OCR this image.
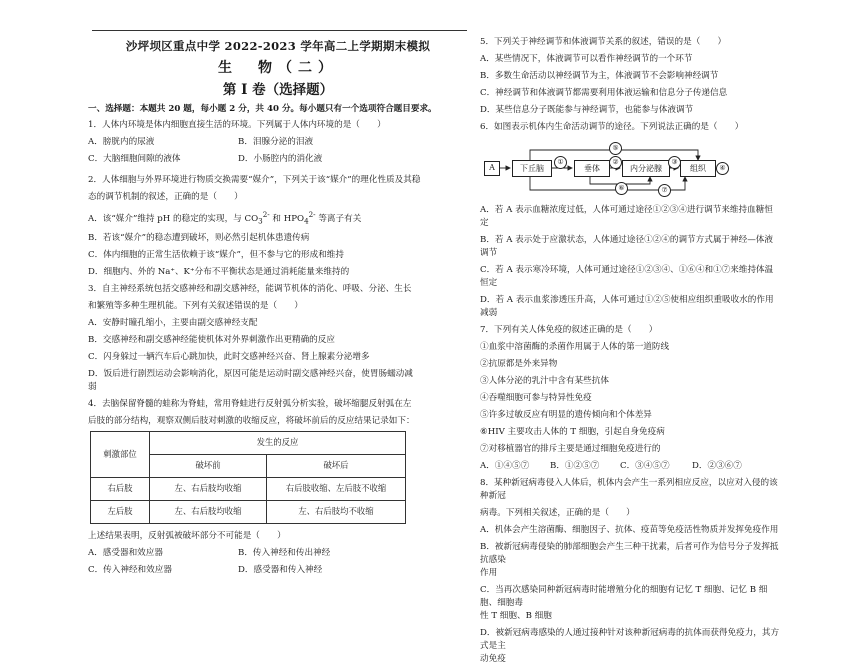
沙坪坝区重点中学 2022-2023 学年高二上学期期末模拟
生　物（二）
第 I 卷（选择题）
一、选择题：本题共 20 题，每小题 2 分，共 40 分。每小题只有一个选项符合题目要求。

1．人体内环境是体内细胞直接生活的环境。下列属于人体内环境的是（　　）

A．膀胱内的尿液	B．泪腺分泌的泪液
C．大脑细胞间隙的液体	D．小肠腔内的消化液

2．人体细胞与外界环境进行物质交换需要“媒介”，下列关于该“媒介”的理化性质及其稳

态的调节机制的叙述，正确的是（　　）

A．该“媒介”维持 pH 的稳定的实现，与 $CO_3^{2-}$ 和 $HPO_4^{2-}$ 等离子有关
B．若该“媒介”的稳态遭到破坏，则必然引起机体患遗传病
C．体内细胞的正常生活依赖于该“媒介”，但不参与它的形成和维持
D．细胞内、外的 Na⁺、K⁺分布不平衡状态是通过消耗能量来维持的

3．自主神经系统包括交感神经和副交感神经，能调节机体的消化、呼吸、分泌、生长

和繁殖等多种生理机能。下列有关叙述错误的是（　　）

A．安静时瞳孔缩小，主要由副交感神经支配
B．交感神经和副交感神经能使机体对外界刺激作出更精确的反应
C．闪身躲过一辆汽车后心跳加快，此时交感神经兴奋、肾上腺素分泌增多
D．饭后进行剧烈运动会影响消化，原因可能是运动时副交感神经兴奋，使胃肠蠕动减
弱

4．去脑保留脊髓的蛙称为脊蛙，常用脊蛙进行反射弧分析实验，破坏缩腿反射弧在左

后肢的部分结构，观察双侧后肢对刺激的收缩反应，将破坏前后的反应结果记录如下：

刺激部位	发生的反应	
	破坏前	破坏后
右后肢	左、右后肢均收缩	右后肢收缩、左后肢不收缩
左后肢	左、右后肢均收缩	左、右后肢均不收缩

上述结果表明，反射弧被破坏部分不可能是（　　）

A．感受器和效应器	B．传入神经和传出神经
C．传入神经和效应器	D．感受器和传入神经

5．下列关于神经调节和体液调节关系的叙述，错误的是（　　）

A．某些情况下，体液调节可以看作神经调节的一个环节
B．多数生命活动以神经调节为主，体液调节不会影响神经调节
C．神经调节和体液调节都需要利用体液运输和信息分子传递信息
D．某些信息分子既能参与神经调节，也能参与体液调节

6．如图表示机体内生命活动调节的途径。下列说法正确的是（　　）

A	下丘脑	垂体	内分泌腺	组织
①	②	③
④
⑤
⑥	⑦
A．若 A 表示血糖浓度过低，人体可通过途径①②③④进行调节来维持血糖恒定
B．若 A 表示处于应激状态，人体通过途径①②④的调节方式属于神经—体液调节
C．若 A 表示寒冷环境，人体可通过途径①②③④、①⑥④和①⑦来维持体温恒定
D．若 A 表示血浆渗透压升高，人体可通过①②⑤使相应组织重吸收水的作用减弱

7．下列有关人体免疫的叙述正确的是（　　）

①血浆中溶菌酶的杀菌作用属于人体的第一道防线
②抗原都是外来异物
③人体分泌的乳汁中含有某些抗体
④吞噬细胞可参与特异性免疫
⑤许多过敏反应有明显的遗传倾向和个体差异
⑥HIV 主要攻击人体的 T 细胞，引起自身免疫病
⑦对移植器官的排斥主要是通过细胞免疫进行的
A．①④⑤⑦	B．①②⑤⑦	C．③④⑤⑦	D．②③⑥⑦

8．某种新冠病毒侵入人体后，机体内会产生一系列相应反应，以应对入侵的该种新冠

病毒。下列相关叙述，正确的是（　　）

A．机体会产生溶菌酶、细胞因子、抗体、疫苗等免疫活性物质并发挥免疫作用
B．被新冠病毒侵染的肺部细胞会产生三种干扰素，后者可作为信号分子发挥抵抗感染
作用
C．当再次感染同种新冠病毒时能增殖分化的细胞有记忆 T 细胞、记忆 B 细胞、细胞毒
性 T 细胞、B 细胞
D．被新冠病毒感染的人通过接种针对该种新冠病毒的抗体而获得免疫力，其方式是主
动免疫
